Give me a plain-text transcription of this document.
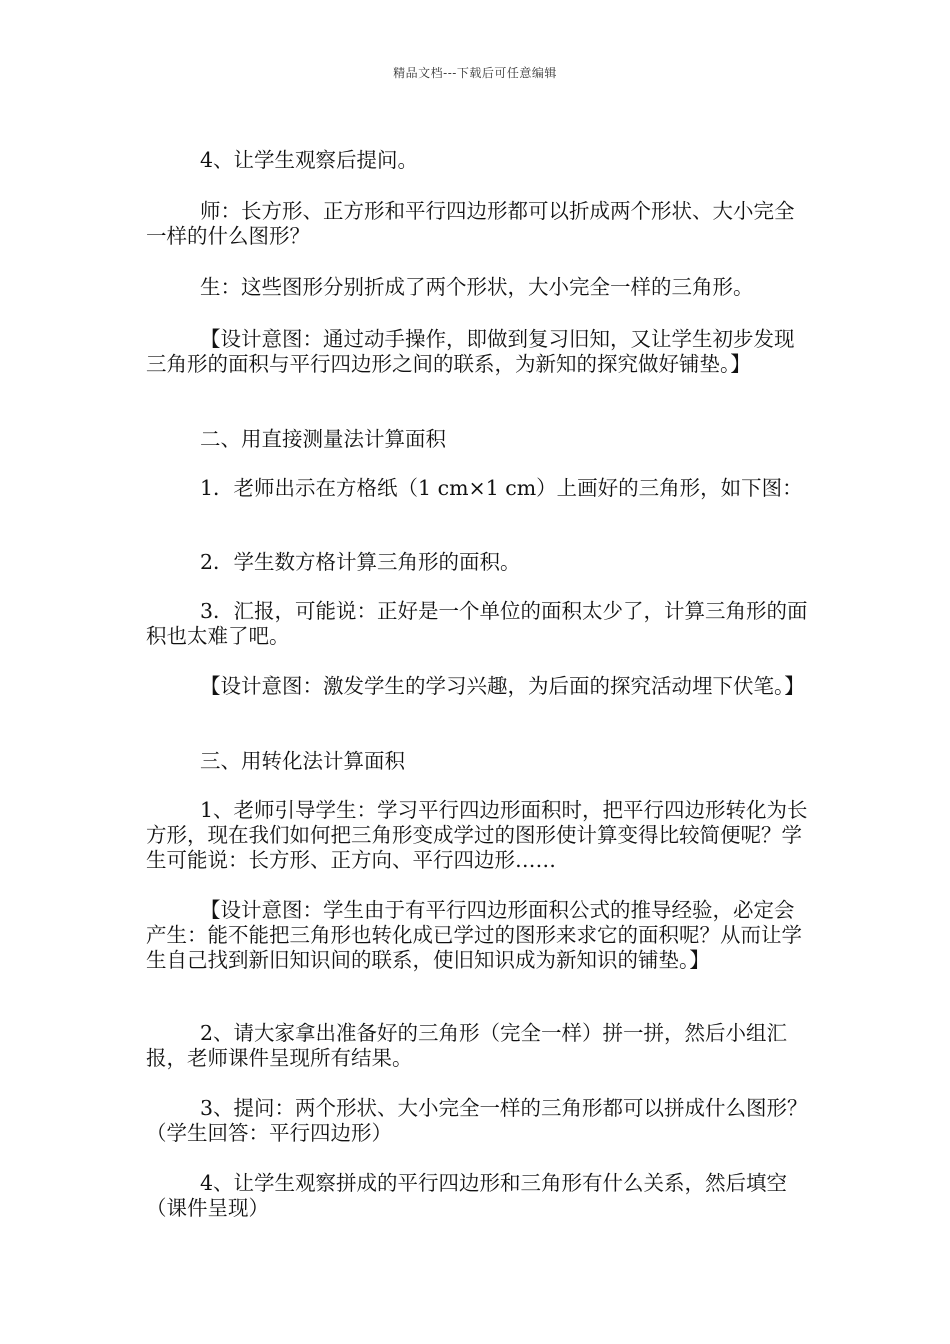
精品文档---下载后可任意编辑

4、让学生观察后提问。

师：长方形、正方形和平行四边形都可以折成两个形状、大小完全一样的什么图形？

生：这些图形分别折成了两个形状，大小完全一样的三角形。

【设计意图：通过动手操作，即做到复习旧知，又让学生初步发现三角形的面积与平行四边形之间的联系，为新知的探究做好铺垫。】

二、用直接测量法计算面积

1．老师出示在方格纸（1 cm×1 cm）上画好的三角形，如下图：

2．学生数方格计算三角形的面积。

3．汇报，可能说：正好是一个单位的面积太少了，计算三角形的面积也太难了吧。

【设计意图：激发学生的学习兴趣，为后面的探究活动埋下伏笔。】

三、用转化法计算面积

1、老师引导学生：学习平行四边形面积时，把平行四边形转化为长方形，现在我们如何把三角形变成学过的图形使计算变得比较简便呢？学生可能说：长方形、正方向、平行四边形……

【设计意图：学生由于有平行四边形面积公式的推导经验，必定会产生：能不能把三角形也转化成已学过的图形来求它的面积呢？从而让学生自己找到新旧知识间的联系，使旧知识成为新知识的铺垫。】

2、请大家拿出准备好的三角形（完全一样）拼一拼，然后小组汇报，老师课件呈现所有结果。

3、提问：两个形状、大小完全一样的三角形都可以拼成什么图形？（学生回答：平行四边形）

4、让学生观察拼成的平行四边形和三角形有什么关系，然后填空（课件呈现）
